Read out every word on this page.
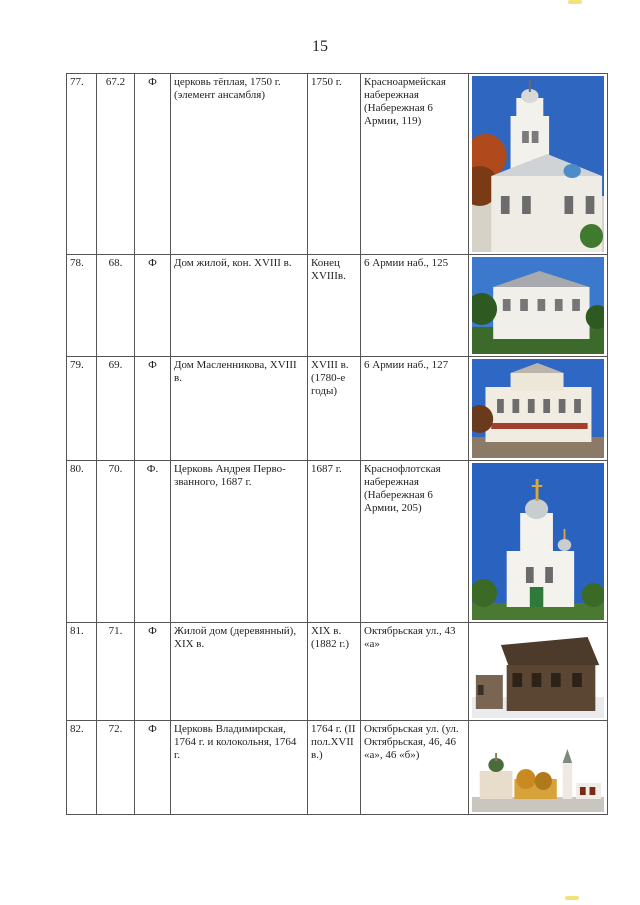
15
77.	67.2	Ф	церковь тёплая, 1750 г. (элемент ансамбля)	1750 г.	Красноармейская набережная (Набережная 6 Армии, 119)	

78.	68.	Ф	Дом жилой, кон. XVIII в.	Конец XVIIIв.	6 Армии наб., 125	

79.	69.	Ф	Дом Масленникова, XVIII в.	XVIII в. (1780-е годы)	6 Армии наб., 127	

80.	70.	Ф.	Церковь Андрея Перво-званного, 1687 г.	1687 г.	Краснофлотская набережная (Набережная 6 Армии, 205)	

81.	71.	Ф	Жилой дом (деревянный), XIX в.	XIX в. (1882 г.)	Октябрьская ул., 43 «а»	

82.	72.	Ф	Церковь Владимирская, 1764 г. и колокольня, 1764 г.	1764 г. (II пол.XVII в.)	Октябрьская ул. (ул. Октябрьская, 46, 46 «а», 46 «б»)	
